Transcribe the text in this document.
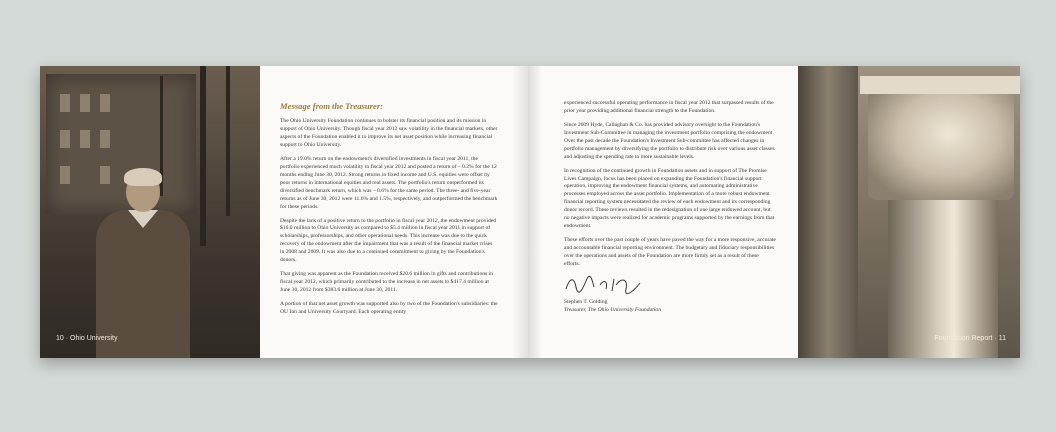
10 · Ohio University
Message from the Treasurer:

The Ohio University Foundation continues to bolster its financial position and its mission in support of Ohio University. Though fiscal year 2012 saw volatility in the financial markets, other aspects of the Foundation enabled it to improve its net asset position while increasing financial support to Ohio University.

After a 19.0% return on the endowment's diversified investments in fiscal year 2011, the portfolio experienced much volatility in fiscal year 2012 and posted a return of – 0.2% for the 12 months ending June 30, 2012. Strong returns in fixed income and U.S. equities were offset by poor returns in international equities and real assets. The portfolio's return outperformed its diversified benchmark return, which was – 0.6% for the same period. The three- and five-year returns as of June 30, 2012 were 11.6% and 1.5%, respectively, and outperformed the benchmark for these periods.

Despite the lack of a positive return to the portfolio in fiscal year 2012, the endowment provided $10.0 million to Ohio University as compared to $5.4 million in fiscal year 2011 in support of scholarships, professorships, and other operational needs. This increase was due to the quick recovery of the endowment after the impairment that was a result of the financial market crises in 2008 and 2009. It was also due to a continued commitment to giving by the Foundation's donors.

That giving was apparent as the Foundation received $20.6 million in gifts and contributions in fiscal year 2012, which primarily contributed to the increase in net assets to $417.4 million at June 30, 2012 from $383.6 million at June 30, 2011.

A portion of that net asset growth was supported also by two of the Foundation's subsidiaries: the OU Inn and University Courtyard. Each operating entity

experienced successful operating performance in fiscal year 2012 that surpassed results of the prior year providing additional financial strength to the Foundation.

Since 2009 Hyde, Callaghan & Co. has provided advisory oversight to the Foundation's Investment Sub-Committee in managing the investment portfolio comprising the endowment. Over the past decade the Foundation's Investment Sub-committee has affected changes in portfolio management by diversifying the portfolio to distribute risk over various asset classes and adjusting the spending rate to more sustainable levels.

In recognition of the continued growth in Foundation assets and in support of The Promise Lives Campaign, focus has been placed on expanding the Foundation's financial support operation, improving the endowment financial systems, and automating administrative processes employed across the asset portfolio. Implementation of a more robust endowment financial reporting system necessitated the review of each endowment and its corresponding donor record. These reviews resulted in the redesignation of one large endowed account, but no negative impacts were realized for academic programs supported by the earnings from that endowment.

These efforts over the past couple of years have paved the way for a more responsive, accurate and accountable financial reporting environment. The budgetary and fiduciary responsibilities over the operations and assets of the Foundation are more firmly set as a result of these efforts.

Stephen T. Golding
Treasurer, The Ohio University Foundation
Foundation Report · 11
